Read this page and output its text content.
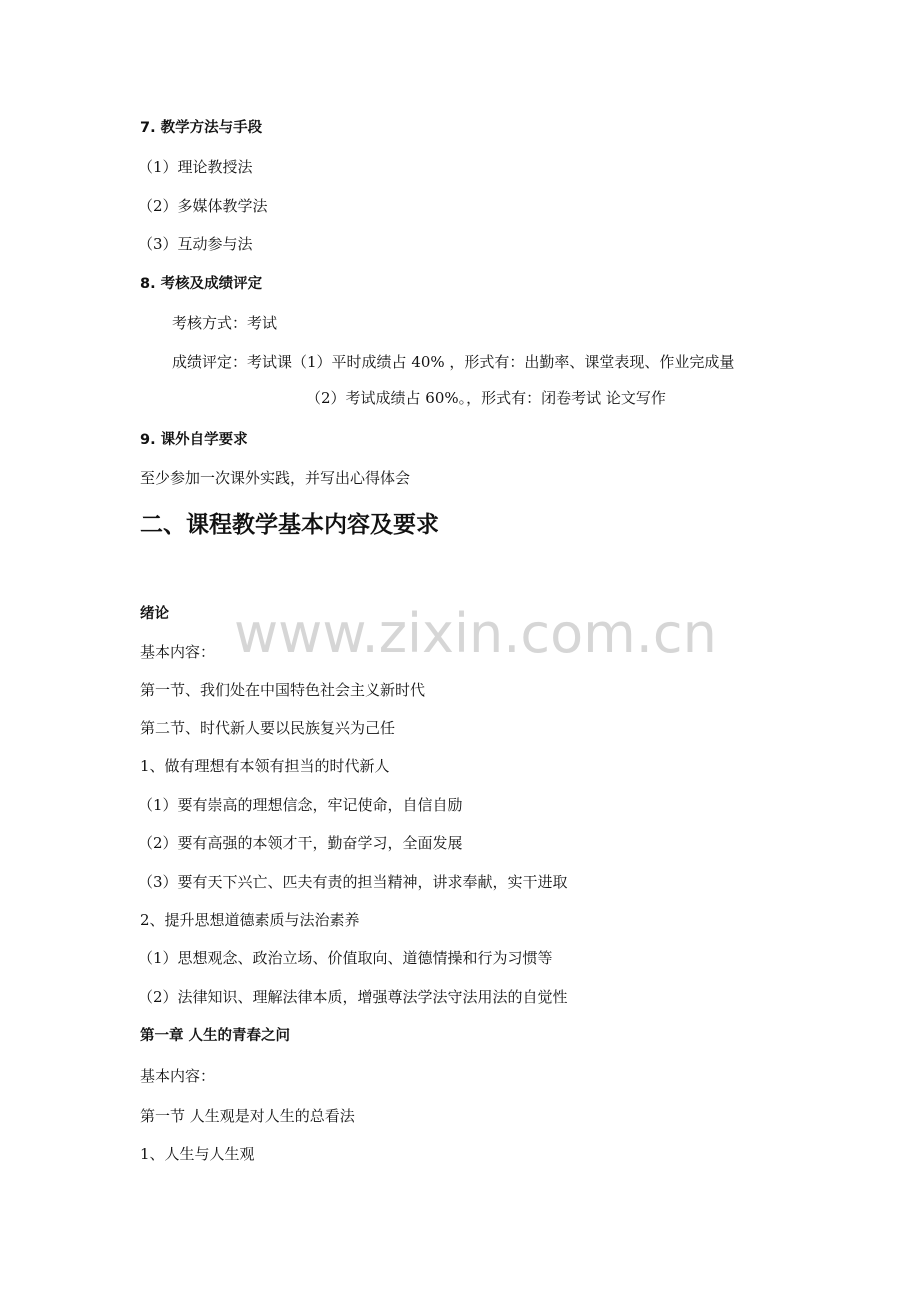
7. 教学方法与手段
（1）理论教授法
（2）多媒体教学法
（3）互动参与法
8. 考核及成绩评定
考核方式：考试
成绩评定：考试课（1）平时成绩占 40% ，形式有：出勤率、课堂表现、作业完成量
（2）考试成绩占 60%。，形式有：闭卷考试 论文写作
9. 课外自学要求
至少参加一次课外实践，并写出心得体会
二、课程教学基本内容及要求
绪论
基本内容：
第一节、我们处在中国特色社会主义新时代
第二节、时代新人要以民族复兴为己任
1、做有理想有本领有担当的时代新人
（1）要有崇高的理想信念，牢记使命，自信自励
（2）要有高强的本领才干，勤奋学习，全面发展
（3）要有天下兴亡、匹夫有责的担当精神，讲求奉献，实干进取
2、提升思想道德素质与法治素养
（1）思想观念、政治立场、价值取向、道德情操和行为习惯等
（2）法律知识、理解法律本质，增强尊法学法守法用法的自觉性
第一章 人生的青春之问
基本内容：
第一节 人生观是对人生的总看法
1、人生与人生观
www.zixin.com.cn
